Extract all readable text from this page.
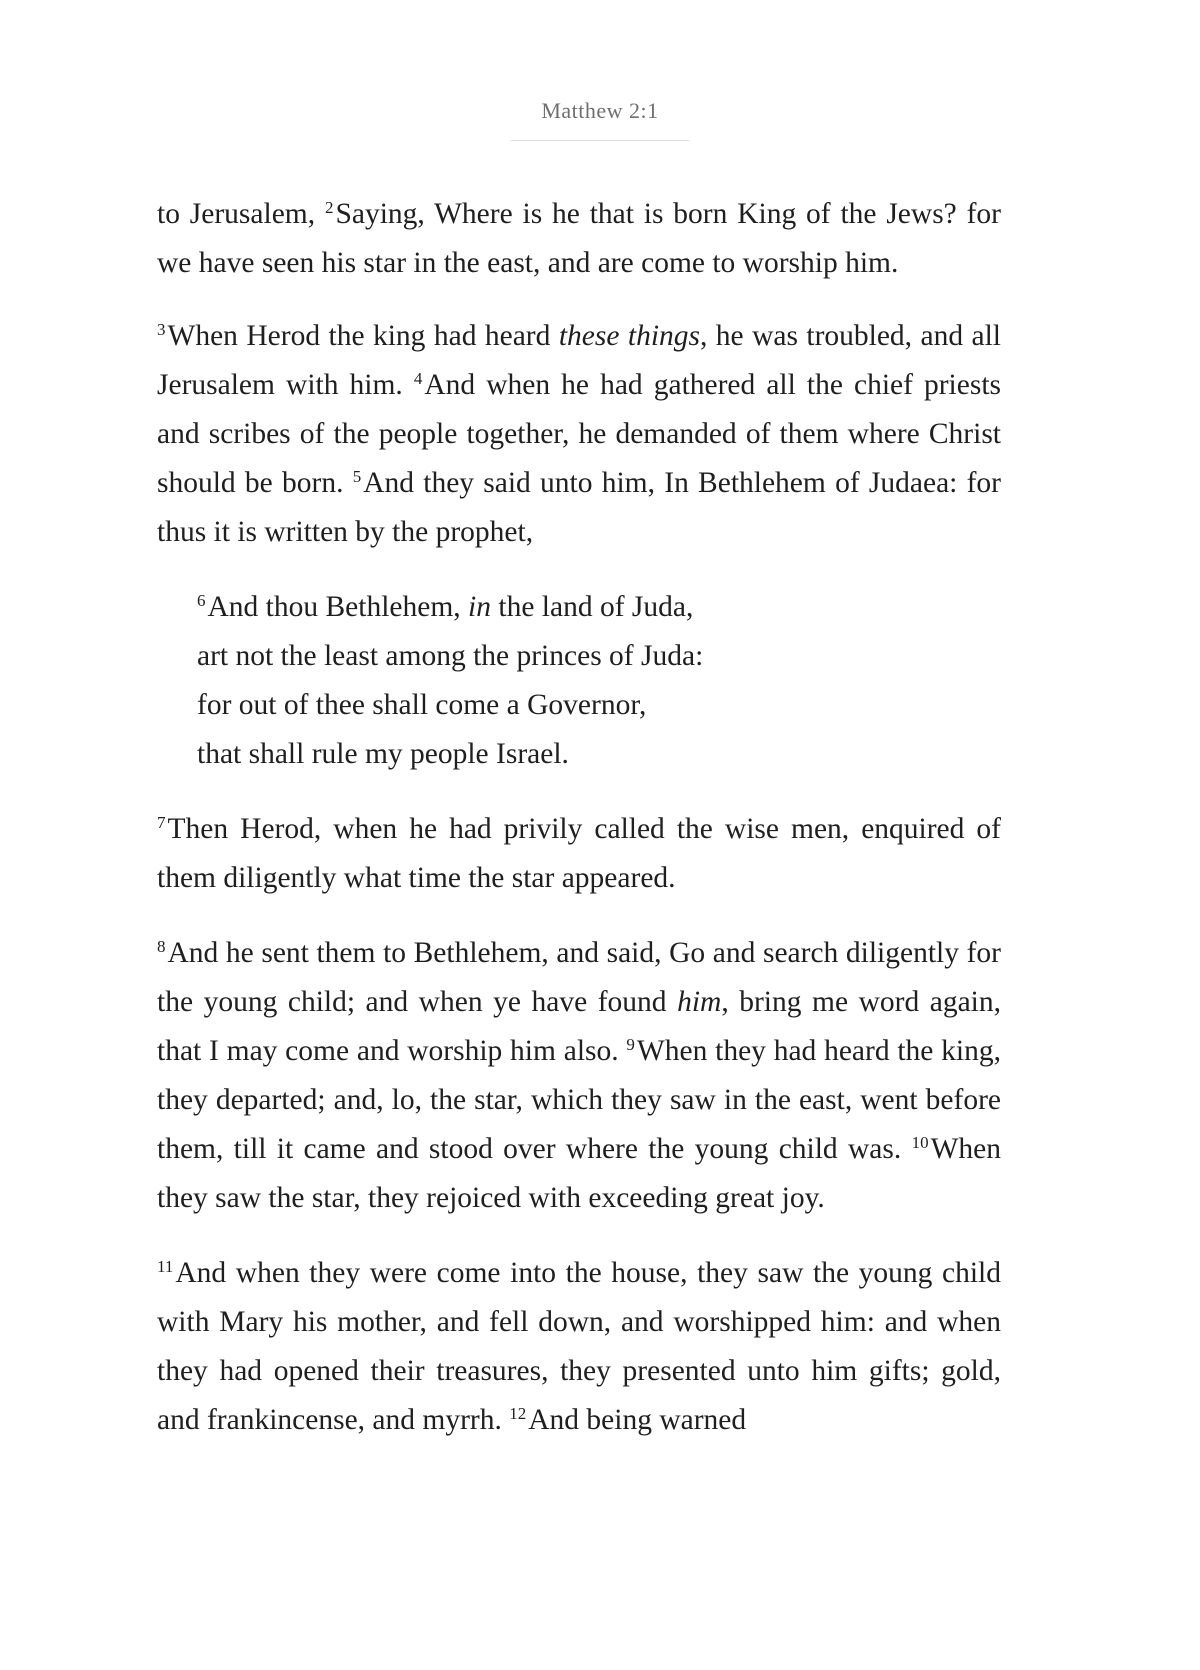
Matthew 2:1

to Jerusalem, $^2$Saying, Where is he that is born King of the Jews? for we have seen his star in the east, and are come to worship him.

$^3$When Herod the king had heard these things, he was troubled, and all Jerusalem with him. $^4$And when he had gathered all the chief priests and scribes of the people together, he demanded of them where Christ should be born. $^5$And they said unto him, In Bethlehem of Judaea: for thus it is written by the prophet,

$^6$And thou Bethlehem, in the land of Juda,
art not the least among the princes of Juda:
for out of thee shall come a Governor,
that shall rule my people Israel.

$^7$Then Herod, when he had privily called the wise men, enquired of them diligently what time the star appeared.

$^8$And he sent them to Bethlehem, and said, Go and search diligently for the young child; and when ye have found him, bring me word again, that I may come and worship him also. $^9$When they had heard the king, they departed; and, lo, the star, which they saw in the east, went before them, till it came and stood over where the young child was. $^{10}$When they saw the star, they rejoiced with exceeding great joy.

$^{11}$And when they were come into the house, they saw the young child with Mary his mother, and fell down, and worshipped him: and when they had opened their treasures, they presented unto him gifts; gold, and frankincense, and myrrh. $^{12}$And being warned
